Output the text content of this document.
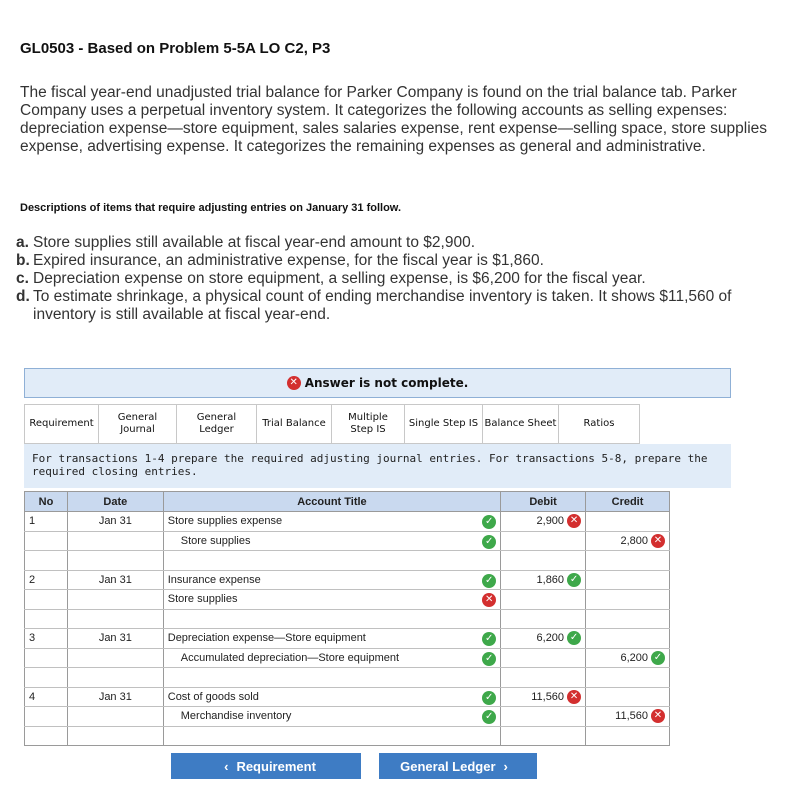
GL0503 - Based on Problem 5-5A LO C2, P3
The fiscal year-end unadjusted trial balance for Parker Company is found on the trial balance tab. Parker Company uses a perpetual inventory system. It categorizes the following accounts as selling expenses: depreciation expense—store equipment, sales salaries expense, rent expense—selling space, store supplies expense, advertising expense. It categorizes the remaining expenses as general and administrative.
Descriptions of items that require adjusting entries on January 31 follow.
a. Store supplies still available at fiscal year-end amount to $2,900.
b. Expired insurance, an administrative expense, for the fiscal year is $1,860.
c. Depreciation expense on store equipment, a selling expense, is $6,200 for the fiscal year.
d. To estimate shrinkage, a physical count of ending merchandise inventory is taken. It shows $11,560 of inventory is still available at fiscal year-end.
✕ Answer is not complete.
Requirement
General Journal
General Ledger
Trial Balance
Multiple Step IS
Single Step IS Balance Sheet	Ratios
For transactions 1-4 prepare the required adjusting journal entries. For transactions 5-8, prepare the required closing entries.
No	Date	Account Title	Debit	Credit
1	Jan 31	Store supplies expense ✓	2,900 ✕	
		Store supplies ✓		2,800 ✕

2	Jan 31	Insurance expense ✓	1,860 ✓	
		Store supplies ✕		

3	Jan 31	Depreciation expense—Store equipment ✓	6,200 ✓	
		Accumulated depreciation—Store equipment ✓		6,200 ✓

4	Jan 31	Cost of goods sold ✓	11,560 ✕	
		Merchandise inventory ✓		11,560 ✕

‹ Requirement	General Ledger ›
